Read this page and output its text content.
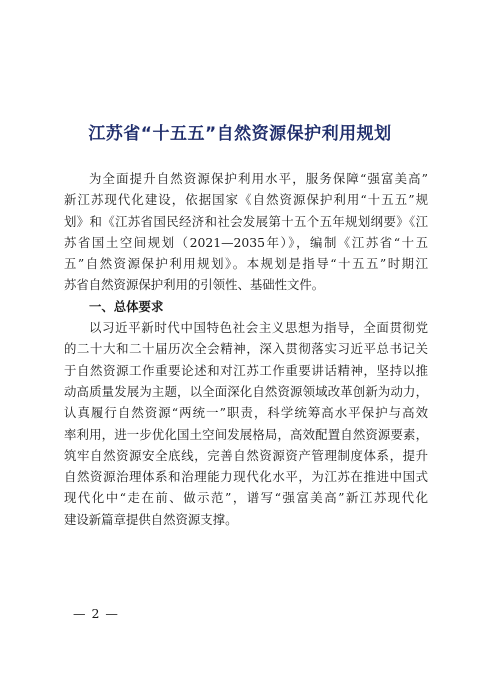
江苏省“十五五”自然资源保护利用规划
为全面提升自然资源保护利用水平，服务保障“强富美高”
新江苏现代化建设，依据国家《自然资源保护利用“十五五”规
划》和《江苏省国民经济和社会发展第十五个五年规划纲要》《江
苏省国土空间规划（2021—2035年）》，编制《江苏省“十五
五”自然资源保护利用规划》。本规划是指导“十五五”时期江
苏省自然资源保护利用的引领性、基础性文件。
一、总体要求
以习近平新时代中国特色社会主义思想为指导，全面贯彻党
的二十大和二十届历次全会精神，深入贯彻落实习近平总书记关
于自然资源工作重要论述和对江苏工作重要讲话精神，坚持以推
动高质量发展为主题，以全面深化自然资源领域改革创新为动力，
认真履行自然资源“两统一”职责，科学统筹高水平保护与高效
率利用，进一步优化国土空间发展格局，高效配置自然资源要素，
筑牢自然资源安全底线，完善自然资源资产管理制度体系，提升
自然资源治理体系和治理能力现代化水平，为江苏在推进中国式
现代化中“走在前、做示范”，谱写“强富美高”新江苏现代化
建设新篇章提供自然资源支撑。
— 2 —
